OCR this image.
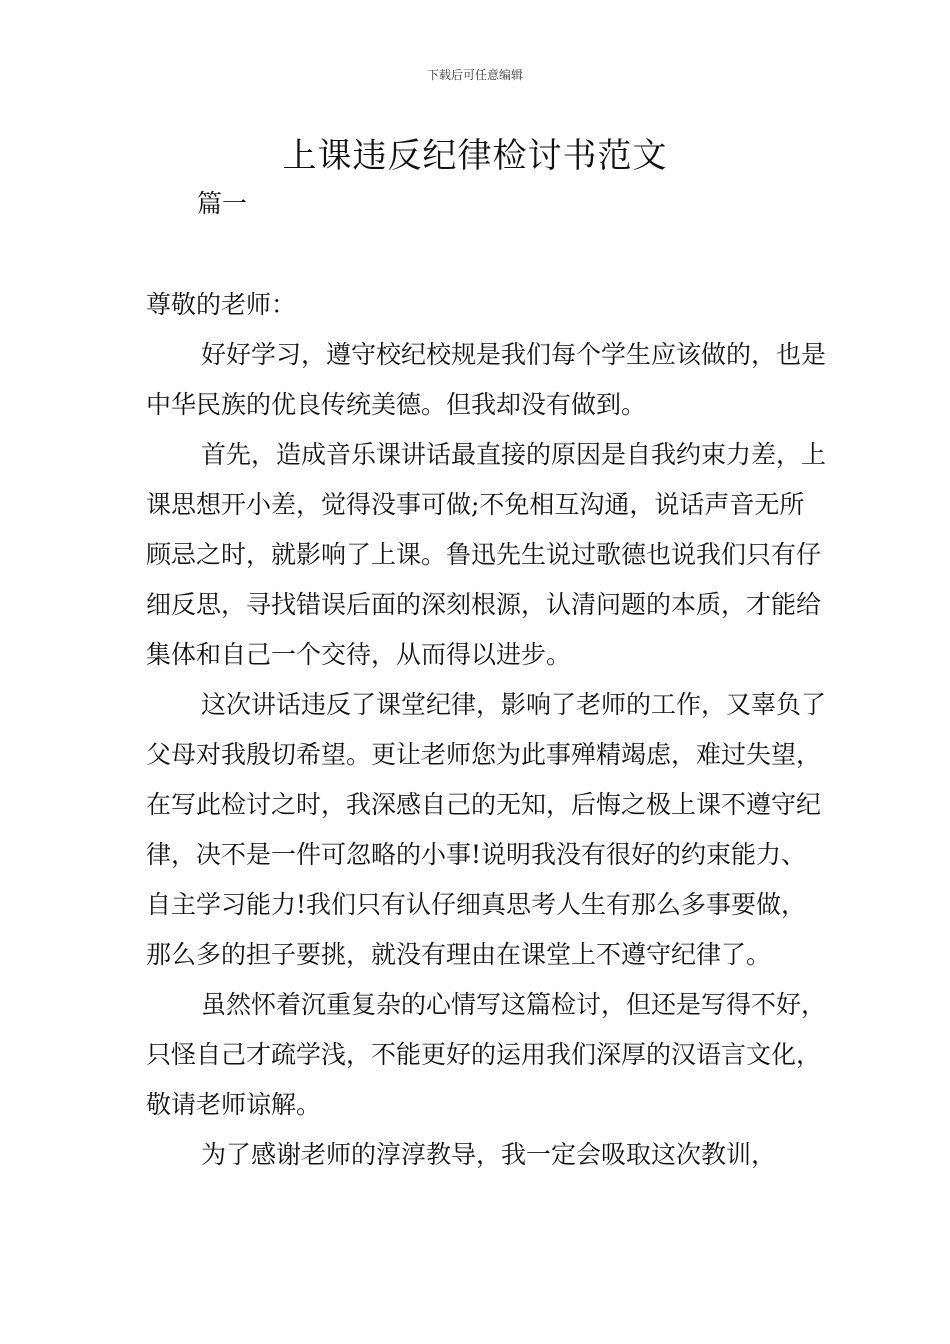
下载后可任意编辑
上课违反纪律检讨书范文
篇一

尊敬的老师：

好好学习，遵守校纪校规是我们每个学生应该做的，也是中华民族的优良传统美德。但我却没有做到。

首先，造成音乐课讲话最直接的原因是自我约束力差，上课思想开小差，觉得没事可做;不免相互沟通，说话声音无所顾忌之时，就影响了上课。鲁迅先生说过歌德也说我们只有仔细反思，寻找错误后面的深刻根源，认清问题的本质，才能给集体和自己一个交待，从而得以进步。

这次讲话违反了课堂纪律，影响了老师的工作，又辜负了父母对我殷切希望。更让老师您为此事殚精竭虑，难过失望，在写此检讨之时，我深感自己的无知，后悔之极上课不遵守纪律，决不是一件可忽略的小事!说明我没有很好的约束能力、自主学习能力!我们只有认仔细真思考人生有那么多事要做，那么多的担子要挑，就没有理由在课堂上不遵守纪律了。

虽然怀着沉重复杂的心情写这篇检讨，但还是写得不好，只怪自己才疏学浅，不能更好的运用我们深厚的汉语言文化，敬请老师谅解。

为了感谢老师的淳淳教导，我一定会吸取这次教训，
